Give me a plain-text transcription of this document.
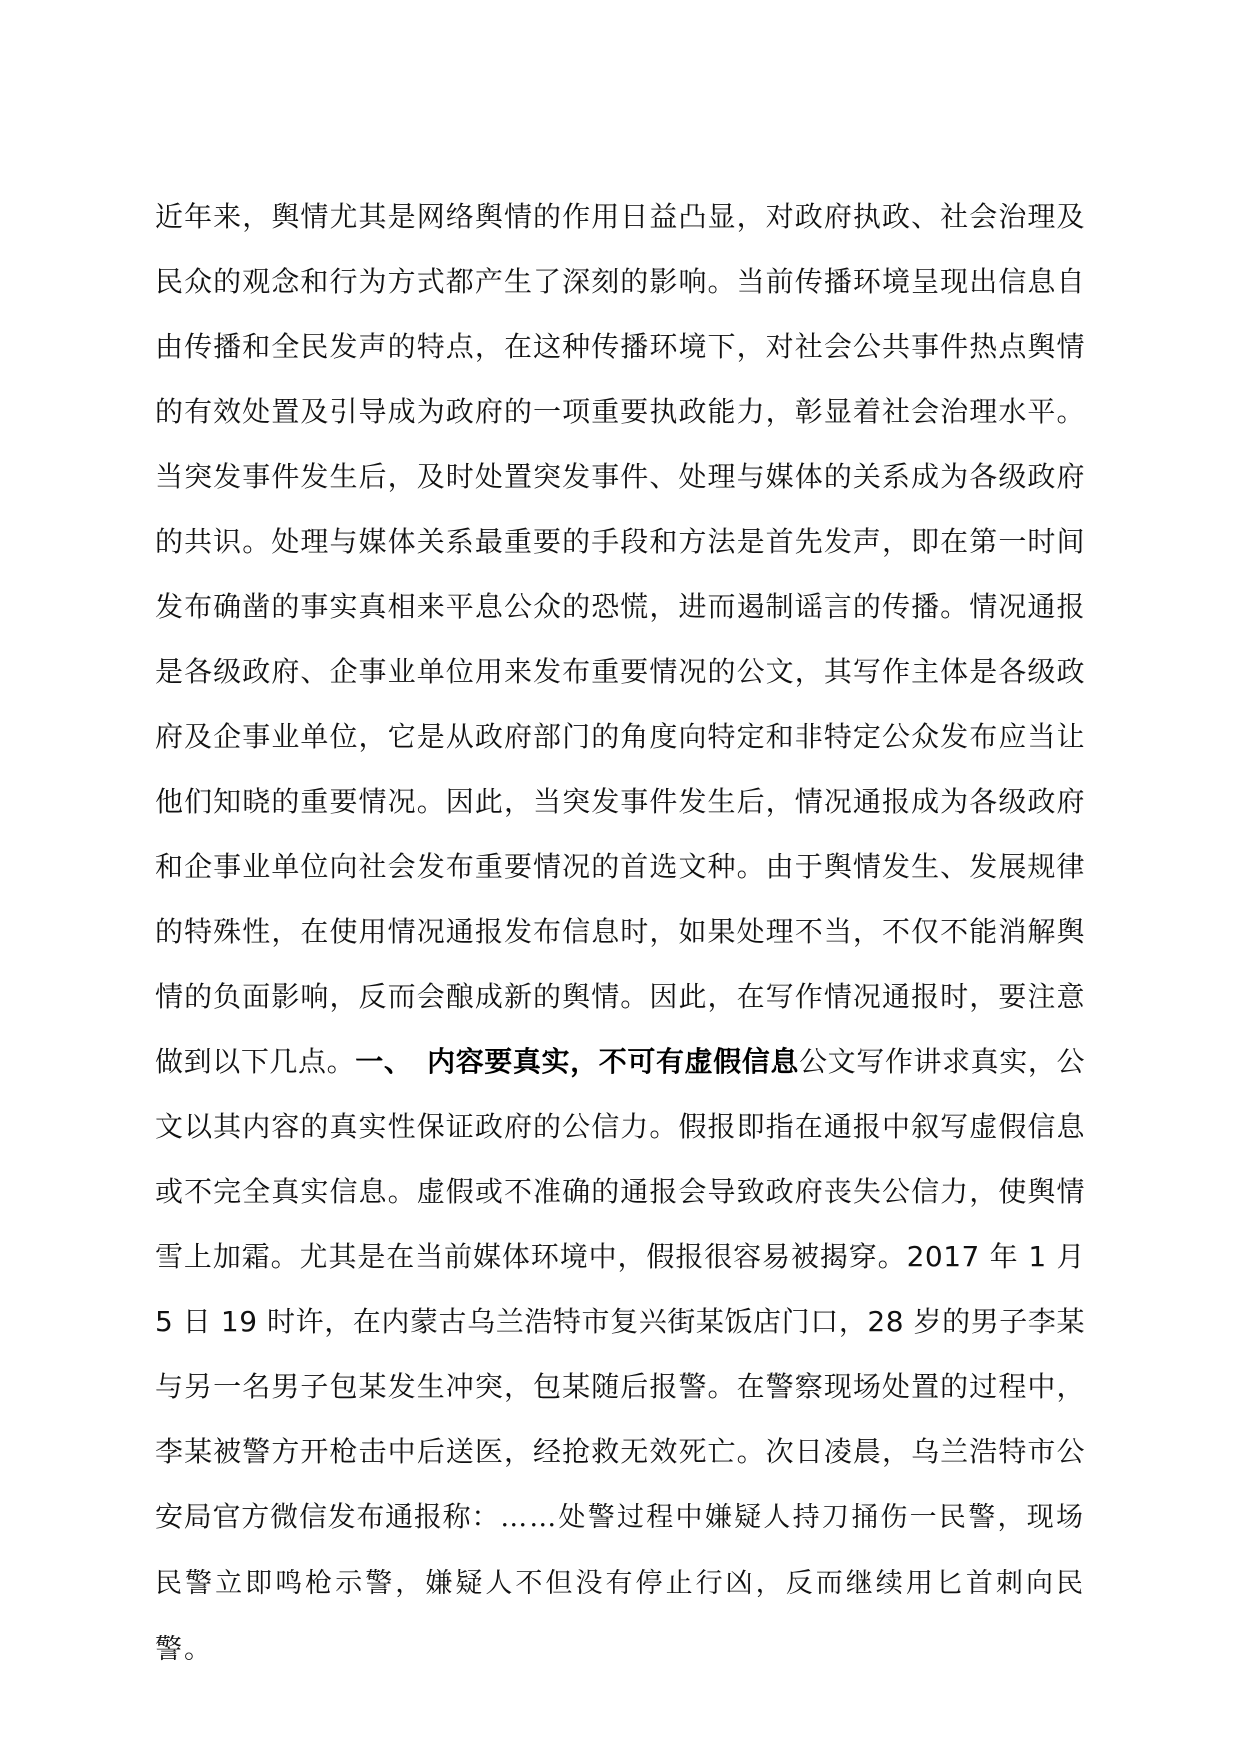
近年来，舆情尤其是网络舆情的作用日益凸显，对政府执政、社会治理及民众的观念和行为方式都产生了深刻的影响。当前传播环境呈现出信息自由传播和全民发声的特点，在这种传播环境下，对社会公共事件热点舆情的有效处置及引导成为政府的一项重要执政能力，彰显着社会治理水平。当突发事件发生后，及时处置突发事件、处理与媒体的关系成为各级政府的共识。处理与媒体关系最重要的手段和方法是首先发声，即在第一时间发布确凿的事实真相来平息公众的恐慌，进而遏制谣言的传播。情况通报是各级政府、企事业单位用来发布重要情况的公文，其写作主体是各级政府及企事业单位，它是从政府部门的角度向特定和非特定公众发布应当让他们知晓的重要情况。因此，当突发事件发生后，情况通报成为各级政府和企事业单位向社会发布重要情况的首选文种。由于舆情发生、发展规律的特殊性，在使用情况通报发布信息时，如果处理不当，不仅不能消解舆情的负面影响，反而会酿成新的舆情。因此，在写作情况通报时，要注意做到以下几点。一、　内容要真实，不可有虚假信息公文写作讲求真实，公文以其内容的真实性保证政府的公信力。假报即指在通报中叙写虚假信息或不完全真实信息。虚假或不准确的通报会导致政府丧失公信力，使舆情雪上加霜。尤其是在当前媒体环境中，假报很容易被揭穿。2017 年 1 月 5 日 19 时许，在内蒙古乌兰浩特市复兴街某饭店门口，28 岁的男子李某与另一名男子包某发生冲突，包某随后报警。在警察现场处置的过程中，李某被警方开枪击中后送医，经抢救无效死亡。次日凌晨，乌兰浩特市公安局官方微信发布通报称：……处警过程中嫌疑人持刀捅伤一民警，现场民警立即鸣枪示警，嫌疑人不但没有停止行凶，反而继续用匕首刺向民警。
